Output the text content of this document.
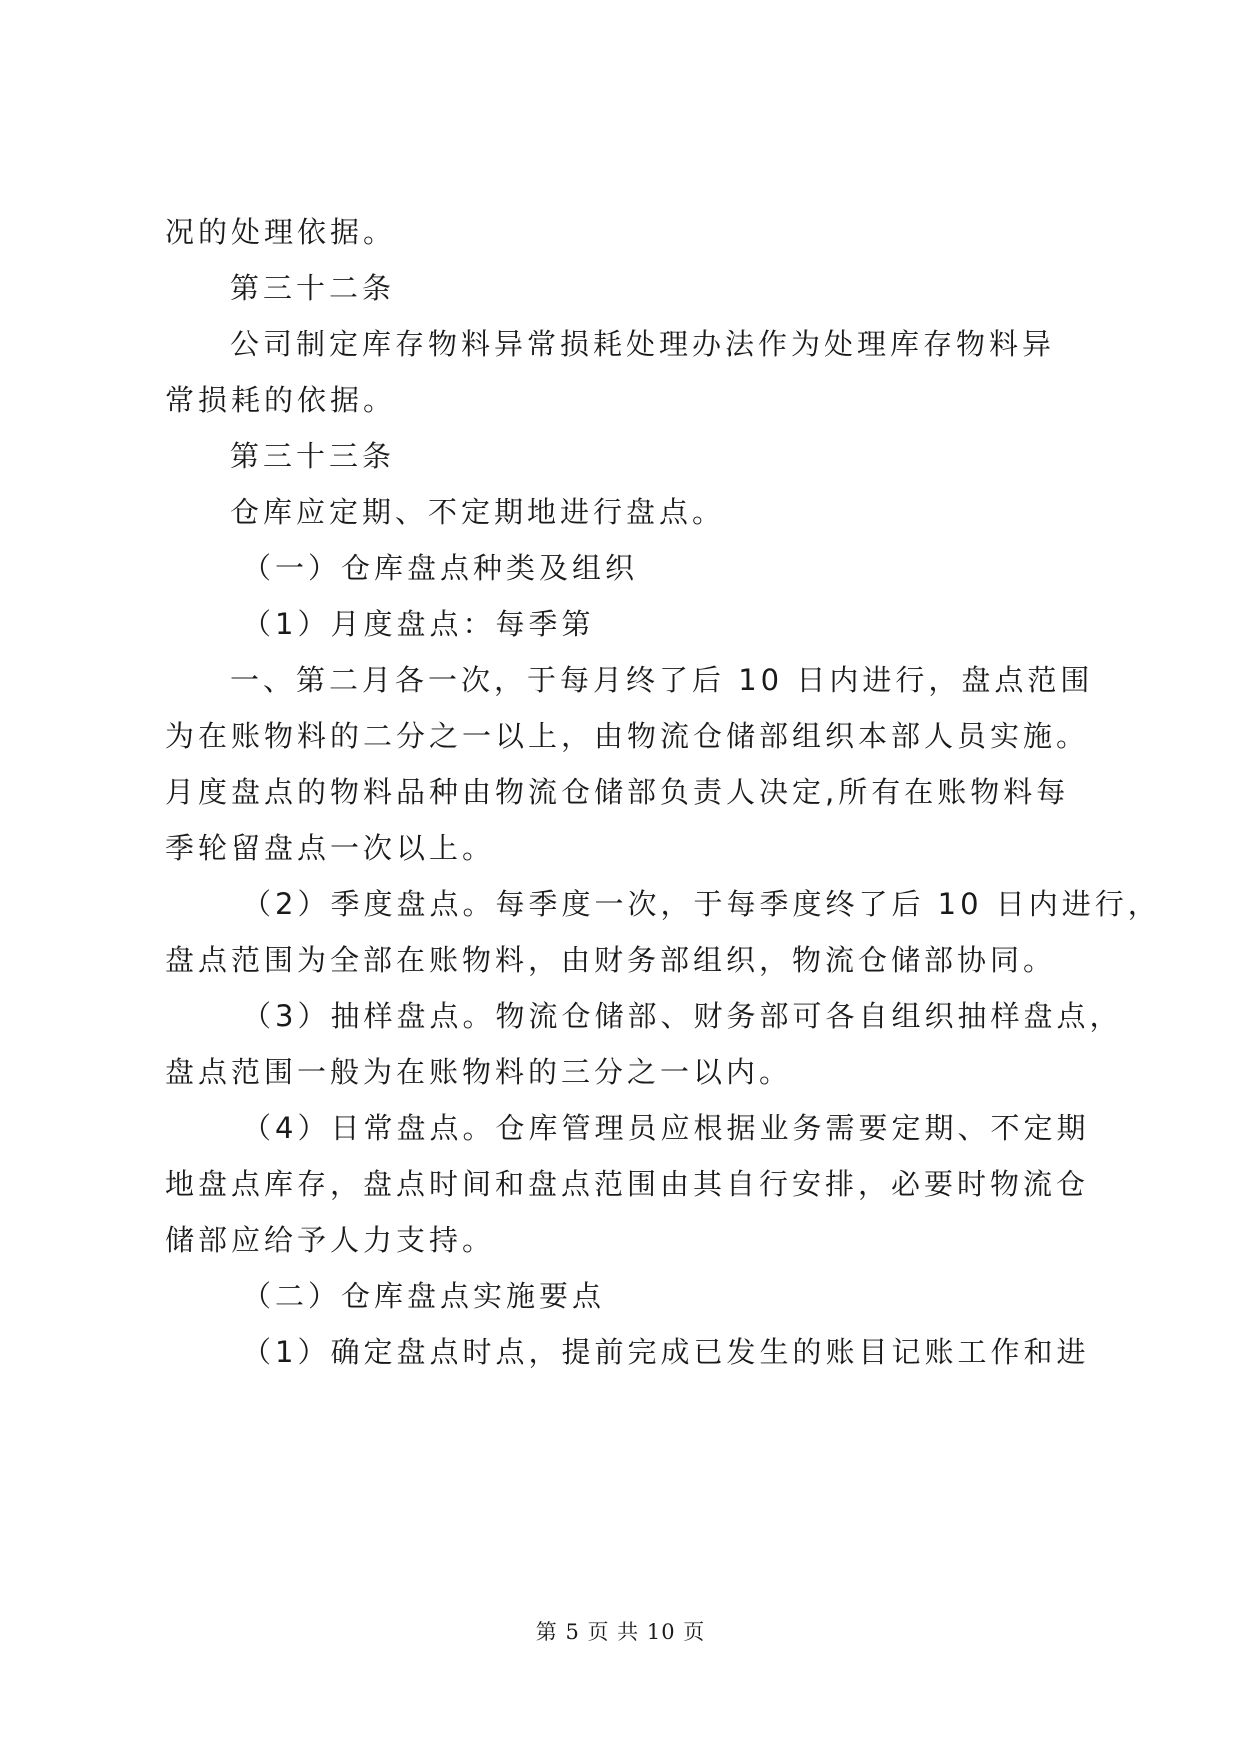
况的处理依据。
第三十二条
公司制定库存物料异常损耗处理办法作为处理库存物料异
常损耗的依据。
第三十三条
仓库应定期、不定期地进行盘点。
（一）仓库盘点种类及组织
（1）月度盘点：每季第
一、第二月各一次，于每月终了后 10 日内进行，盘点范围
为在账物料的二分之一以上，由物流仓储部组织本部人员实施。
月度盘点的物料品种由物流仓储部负责人决定,所有在账物料每
季轮留盘点一次以上。
（2）季度盘点。每季度一次，于每季度终了后 10 日内进行，
盘点范围为全部在账物料，由财务部组织，物流仓储部协同。
（3）抽样盘点。物流仓储部、财务部可各自组织抽样盘点，
盘点范围一般为在账物料的三分之一以内。
（4）日常盘点。仓库管理员应根据业务需要定期、不定期
地盘点库存，盘点时间和盘点范围由其自行安排，必要时物流仓
储部应给予人力支持。
（二）仓库盘点实施要点
（1）确定盘点时点，提前完成已发生的账目记账工作和进
第 5 页 共 10 页
